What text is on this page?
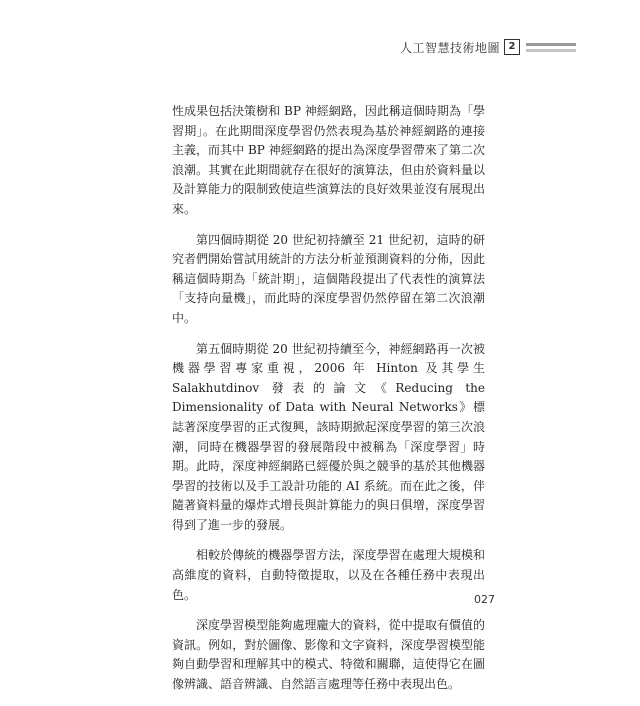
人工智慧技術地圖 2

性成果包括決策樹和 BP 神經網路，因此稱這個時期為「學習期」。在此期間深度學習仍然表現為基於神經網路的連接主義，而其中 BP 神經網路的提出為深度學習帶來了第二次浪潮。其實在此期間就存在很好的演算法，但由於資料量以及計算能力的限制致使這些演算法的良好效果並沒有展現出來。

第四個時期從 20 世紀初持續至 21 世紀初，這時的研究者們開始嘗試用統計的方法分析並預測資料的分佈，因此稱這個時期為「統計期」，這個階段提出了代表性的演算法「支持向量機」，而此時的深度學習仍然停留在第二次浪潮中。

第五個時期從 20 世紀初持續至今，神經網路再一次被機器學習專家重視，2006 年 Hinton 及其學生 Salakhutdinov 發表的論文《Reducing the Dimensionality of Data with Neural Networks》標誌著深度學習的正式復興，該時期掀起深度學習的第三次浪潮，同時在機器學習的發展階段中被稱為「深度學習」時期。此時，深度神經網路已經優於與之競爭的基於其他機器學習的技術以及手工設計功能的 AI 系統。而在此之後，伴隨著資料量的爆炸式增長與計算能力的與日俱增，深度學習得到了進一步的發展。

相較於傳統的機器學習方法，深度學習在處理大規模和高維度的資料，自動特徵提取，以及在各種任務中表現出色。

深度學習模型能夠處理龐大的資料，從中提取有價值的資訊。例如，對於圖像、影像和文字資料，深度學習模型能夠自動學習和理解其中的模式、特徵和關聯，這使得它在圖像辨識、語音辨識、自然語言處理等任務中表現出色。

027
